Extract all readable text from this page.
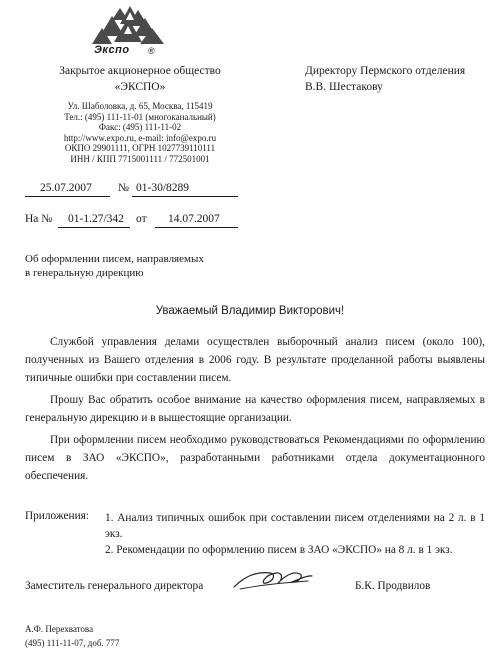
Экспо ®
Закрытое акционерное общество
«ЭКСПО»
Ул. Шаболовка, д. 65, Москва, 115419
Тел.: (495) 111-11-01 (многоканальный)
Факс: (495) 111-11-02
http://www.expo.ru, e-mail: info@expo.ru
ОКПО 29901111, ОГРН 1027739110111
ИНН / КПП 7715001111 / 772501001
Директору Пермского отделения
В.В. Шестакову
25.07.2007 № 01-30/8289
На № 01-1.27/342 от 14.07.2007
Об оформлении писем, направляемых
в генеральную дирекцию
Уважаемый Владимир Викторович!

Службой управления делами осуществлен выборочный анализ писем (около 100), полученных из Вашего отделения в 2006 году. В результате проделанной работы выявлены типичные ошибки при составлении писем.

Прошу Вас обратить особое внимание на качество оформления писем, направляемых в генеральную дирекцию и в вышестоящие организации.

При оформлении писем необходимо руководствоваться Рекомендациями по оформлению писем в ЗАО «ЭКСПО», разработанными работниками отдела документационного обеспечения.

Приложения: 1. Анализ типичных ошибок при составлении писем отделениями на 2 л. в 1 экз.
2. Рекомендации по оформлению писем в ЗАО «ЭКСПО» на 8 л. в 1 экз.
Заместитель генерального директора	Б.К. Продвилов
А.Ф. Перехватова
(495) 111-11-07, доб. 777
